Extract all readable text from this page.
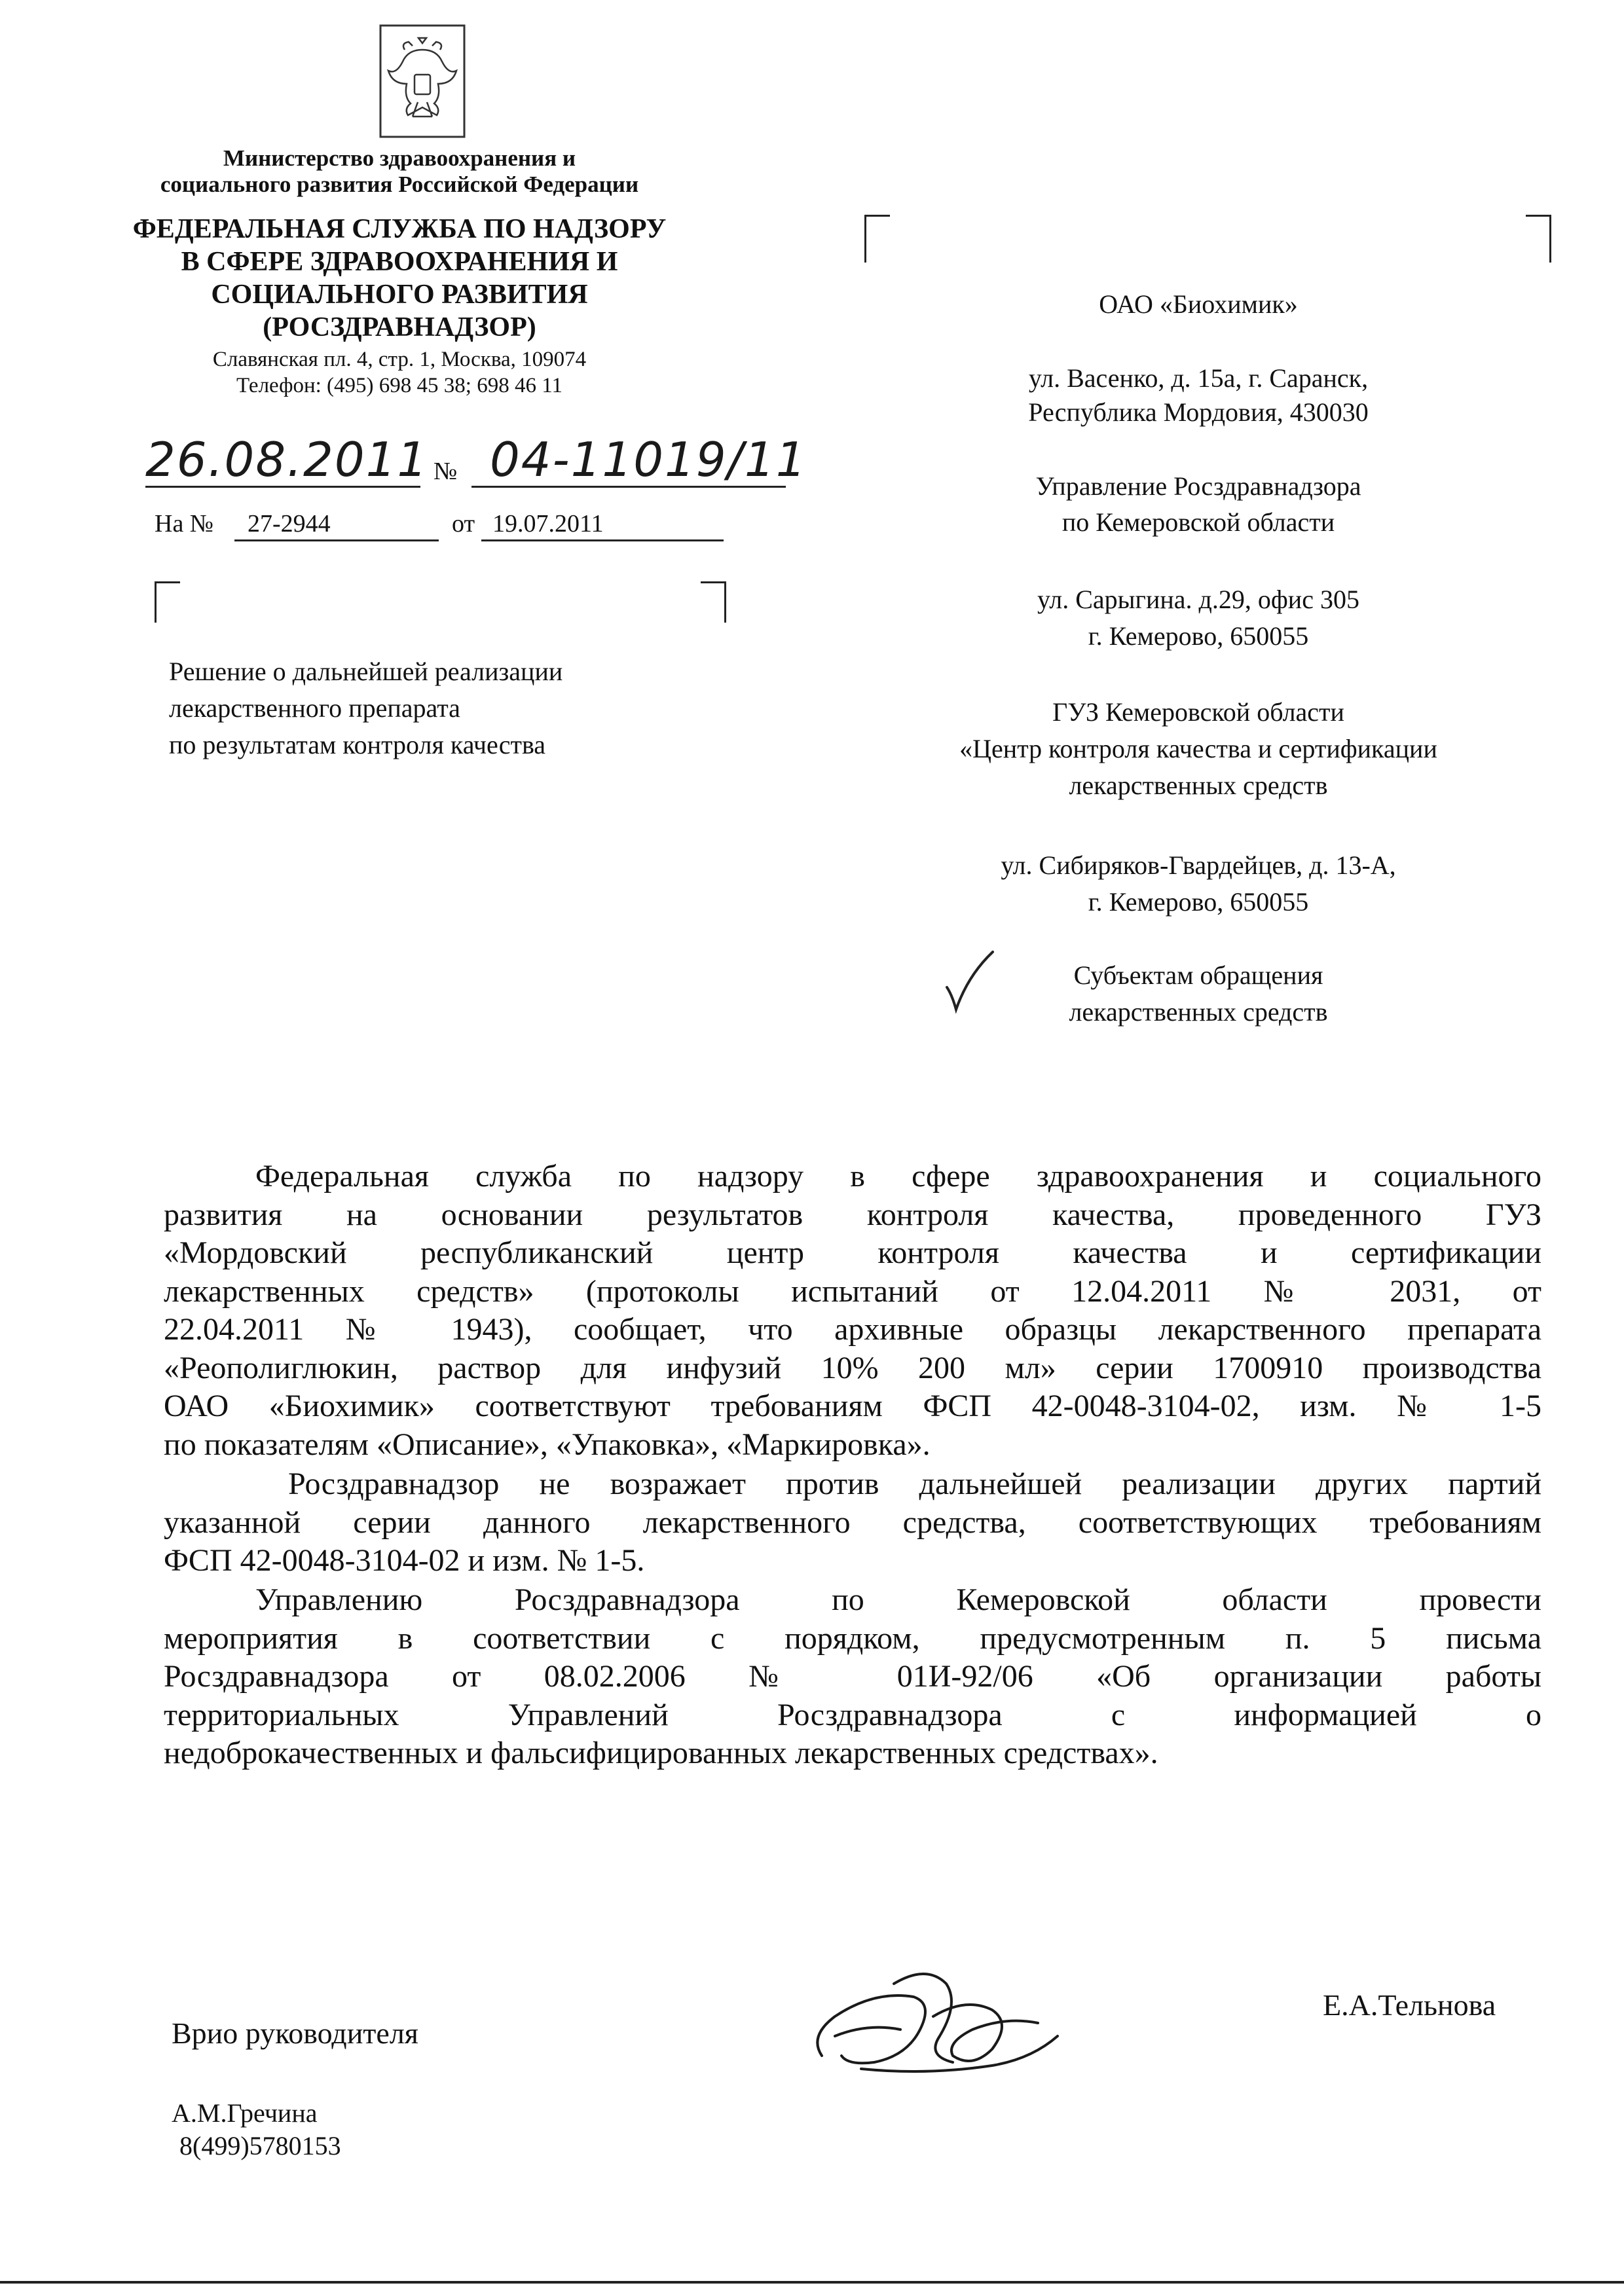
Министерство здравоохранения и
социального развития Российской Федерации
ФЕДЕРАЛЬНАЯ СЛУЖБА ПО НАДЗОРУ
В СФЕРЕ ЗДРАВООХРАНЕНИЯ И
СОЦИАЛЬНОГО РАЗВИТИЯ
(РОСЗДРАВНАДЗОР)
Славянская пл. 4, стр. 1, Москва, 109074
Телефон: (495) 698 45 38; 698 46 11
26.08.2011 № 04-11019/11
На № 27-2944	от 19.07.2011
Решение о дальнейшей реализации
лекарственного препарата
по результатам контроля качества
ОАО «Биохимик»
ул. Васенко, д. 15а, г. Саранск,
Республика Мордовия, 430030
Управление Росздравнадзора
по Кемеровской области
ул. Сарыгина. д.29, офис 305
г. Кемерово, 650055
ГУЗ Кемеровской области
«Центр контроля качества и сертификации
лекарственных средств
ул. Сибиряков-Гвардейцев, д. 13-А,
г. Кемерово, 650055
Субъектам обращения
лекарственных средств
Федеральная служба по надзору в сфере здравоохранения и социального
развития на основании результатов контроля качества, проведенного ГУЗ
«Мордовский республиканский центр контроля качества и сертификации
лекарственных средств» (протоколы испытаний от 12.04.2011 № 2031, от
22.04.2011 № 1943), сообщает, что архивные образцы лекарственного препарата
«Реополиглюкин, раствор для инфузий 10% 200 мл» серии 1700910 производства
ОАО «Биохимик» соответствуют требованиям ФСП 42-0048-3104-02, изм. № 1-5
по показателям «Описание», «Упаковка», «Маркировка».
Росздравнадзор не возражает против дальнейшей реализации других партий
указанной серии данного лекарственного средства, соответствующих требованиям
ФСП 42-0048-3104-02 и изм. № 1-5.
Управлению Росздравнадзора по Кемеровской области провести
мероприятия в соответствии с порядком, предусмотренным п. 5 письма
Росздравнадзора от 08.02.2006 № 01И-92/06 «Об организации работы
территориальных Управлений Росздравнадзора с информацией о
недоброкачественных и фальсифицированных лекарственных средствах».
Врио руководителя
Е.А.Тельнова
А.М.Гречина
8(499)5780153
